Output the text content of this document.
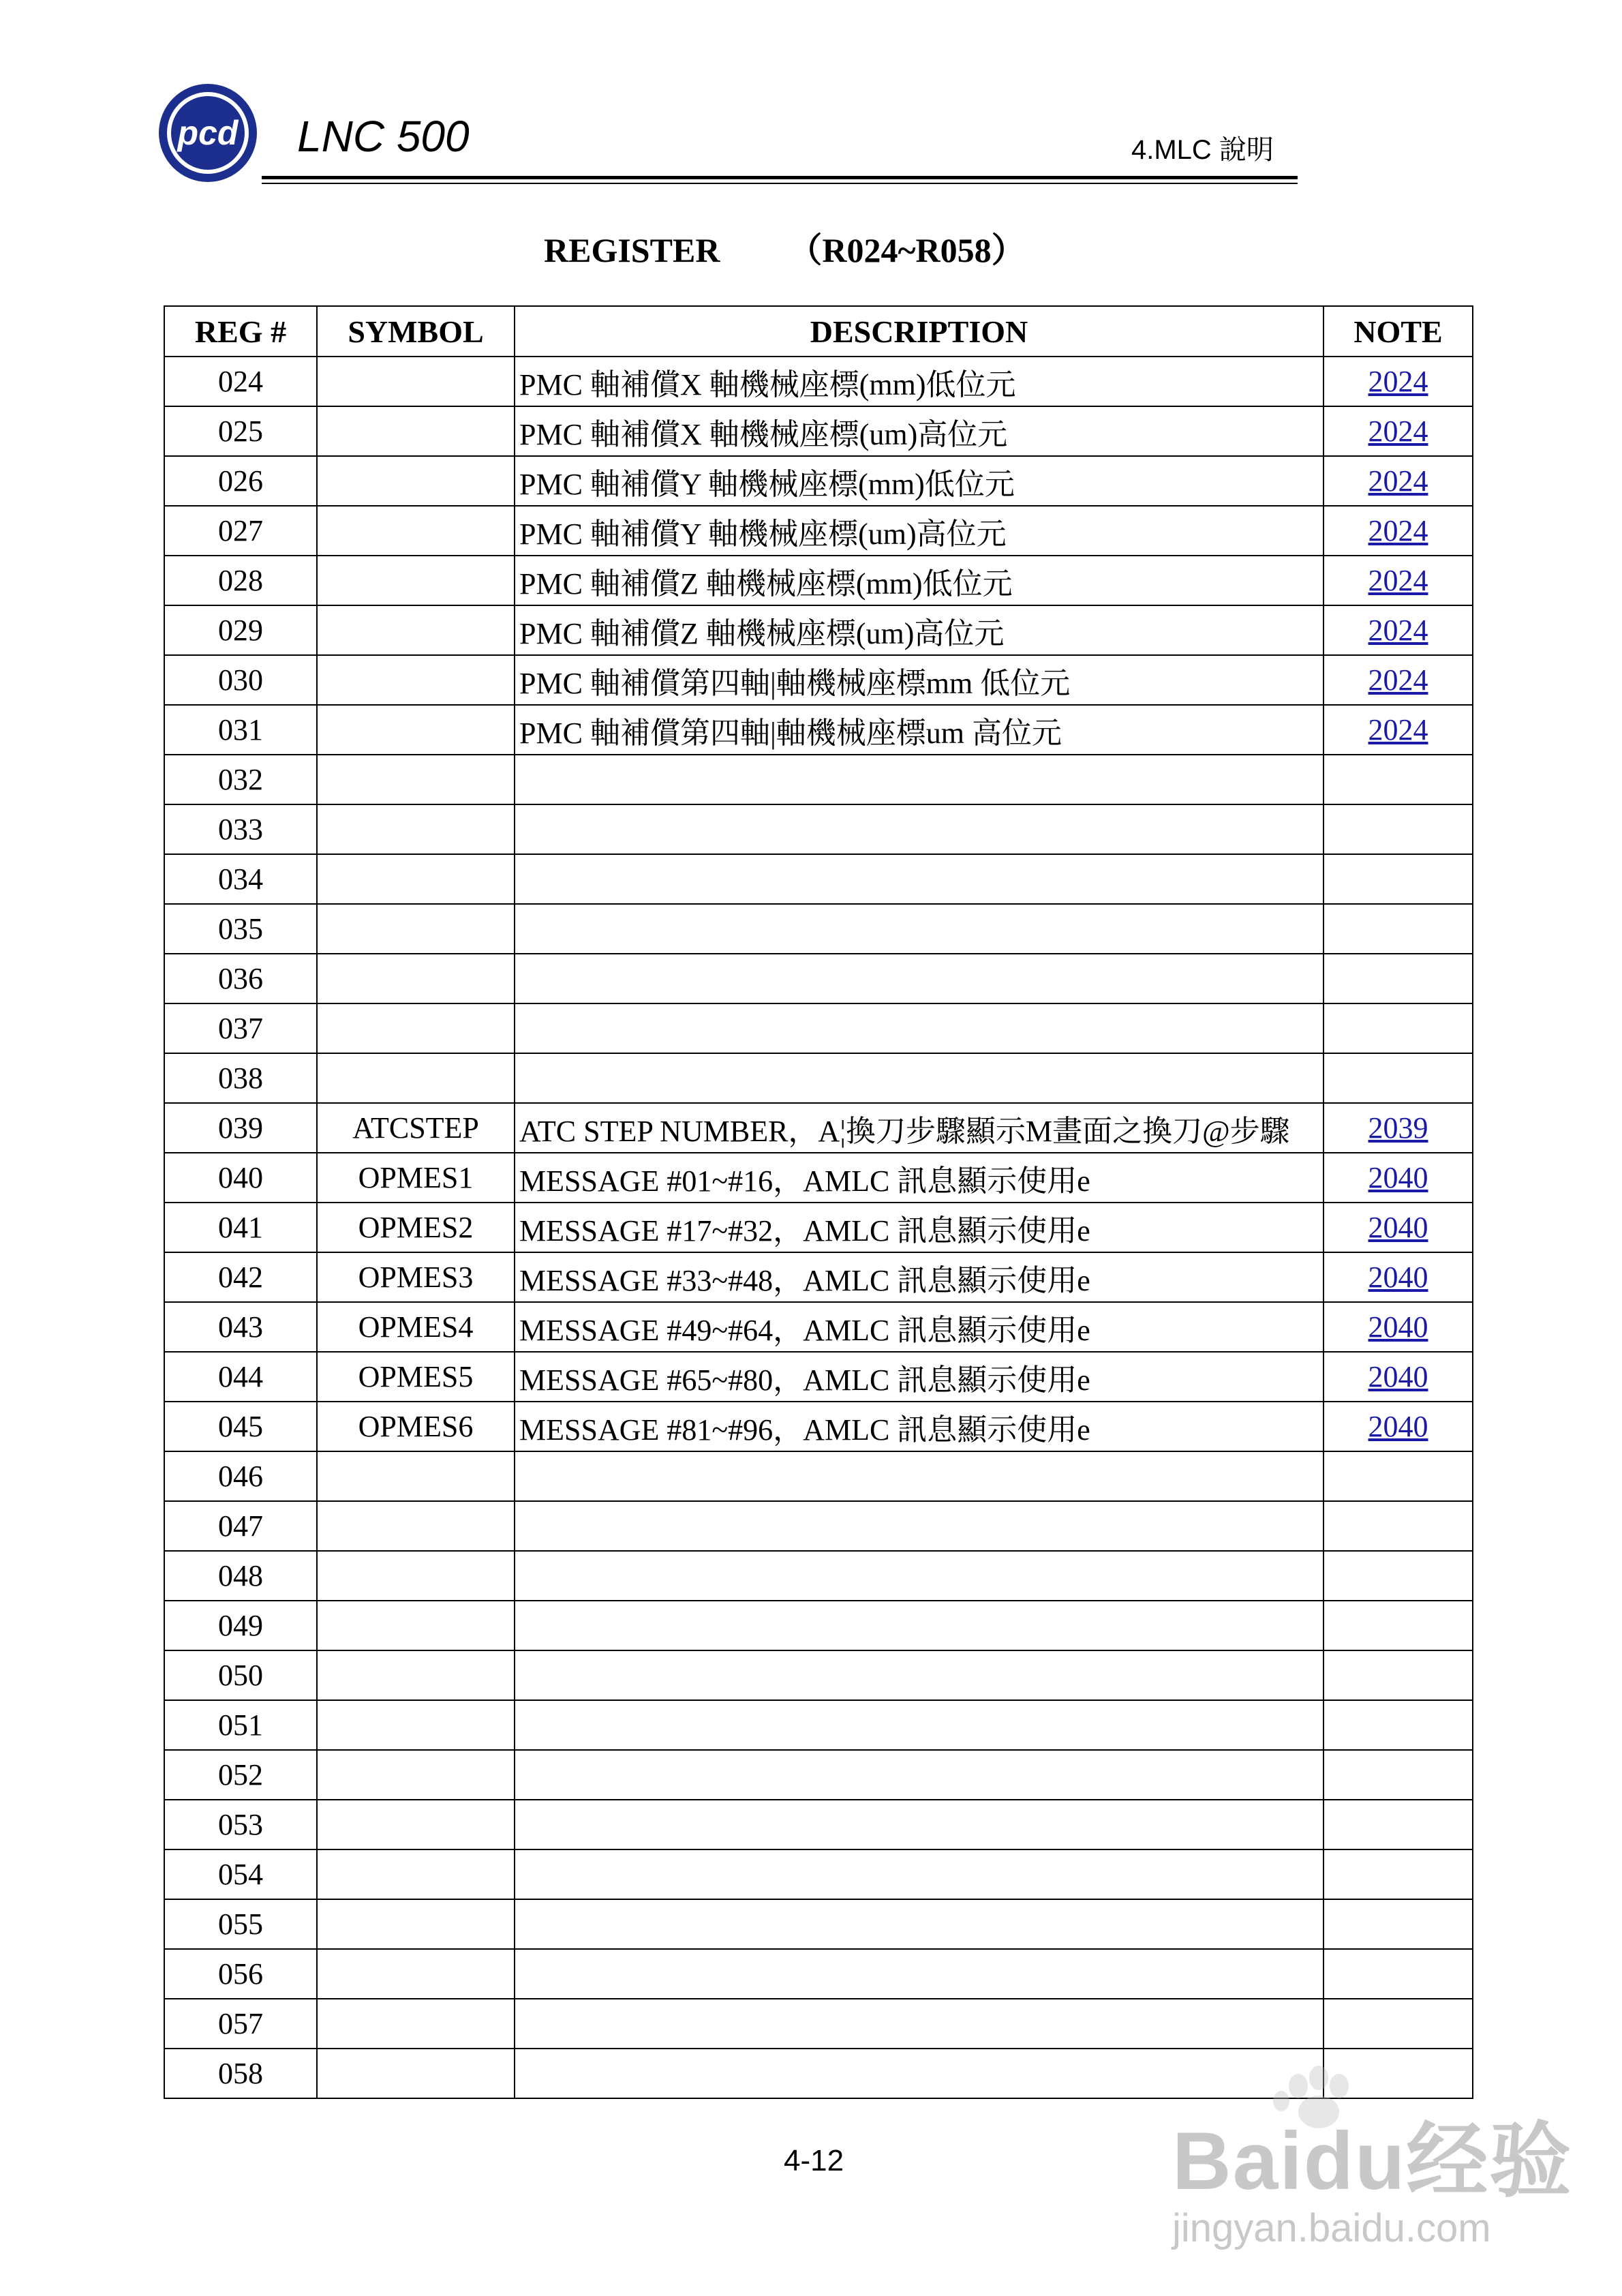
pcd LNC 500	4.MLC 說明
REGISTER        （R024~R058）
REG #	SYMBOL	DESCRIPTION	NOTE
024		PMC 軸補償X 軸機械座標(mm)低位元	2024
025		PMC 軸補償X 軸機械座標(um)高位元	2024
026		PMC 軸補償Y 軸機械座標(mm)低位元	2024
027		PMC 軸補償Y 軸機械座標(um)高位元	2024
028		PMC 軸補償Z 軸機械座標(mm)低位元	2024
029		PMC 軸補償Z 軸機械座標(um)高位元	2024
030		PMC 軸補償第四軸|軸機械座標mm 低位元	2024
031		PMC 軸補償第四軸|軸機械座標um 高位元	2024
032			
033			
034			
035			
036			
037			
038			
039	ATCSTEP	ATC STEP NUMBER，A¦換刀步驟顯示M畫面之換刀@步驟	2039
040	OPMES1	MESSAGE #01~#16，AMLC 訊息顯示使用e	2040
041	OPMES2	MESSAGE #17~#32，AMLC 訊息顯示使用e	2040
042	OPMES3	MESSAGE #33~#48，AMLC 訊息顯示使用e	2040
043	OPMES4	MESSAGE #49~#64，AMLC 訊息顯示使用e	2040
044	OPMES5	MESSAGE #65~#80，AMLC 訊息顯示使用e	2040
045	OPMES6	MESSAGE #81~#96，AMLC 訊息顯示使用e	2040
046			
047			
048			
049			
050			
051			
052			
053			
054			
055			
056			
057			
058			
4-12	Baidu经验
jingyan.baidu.com
